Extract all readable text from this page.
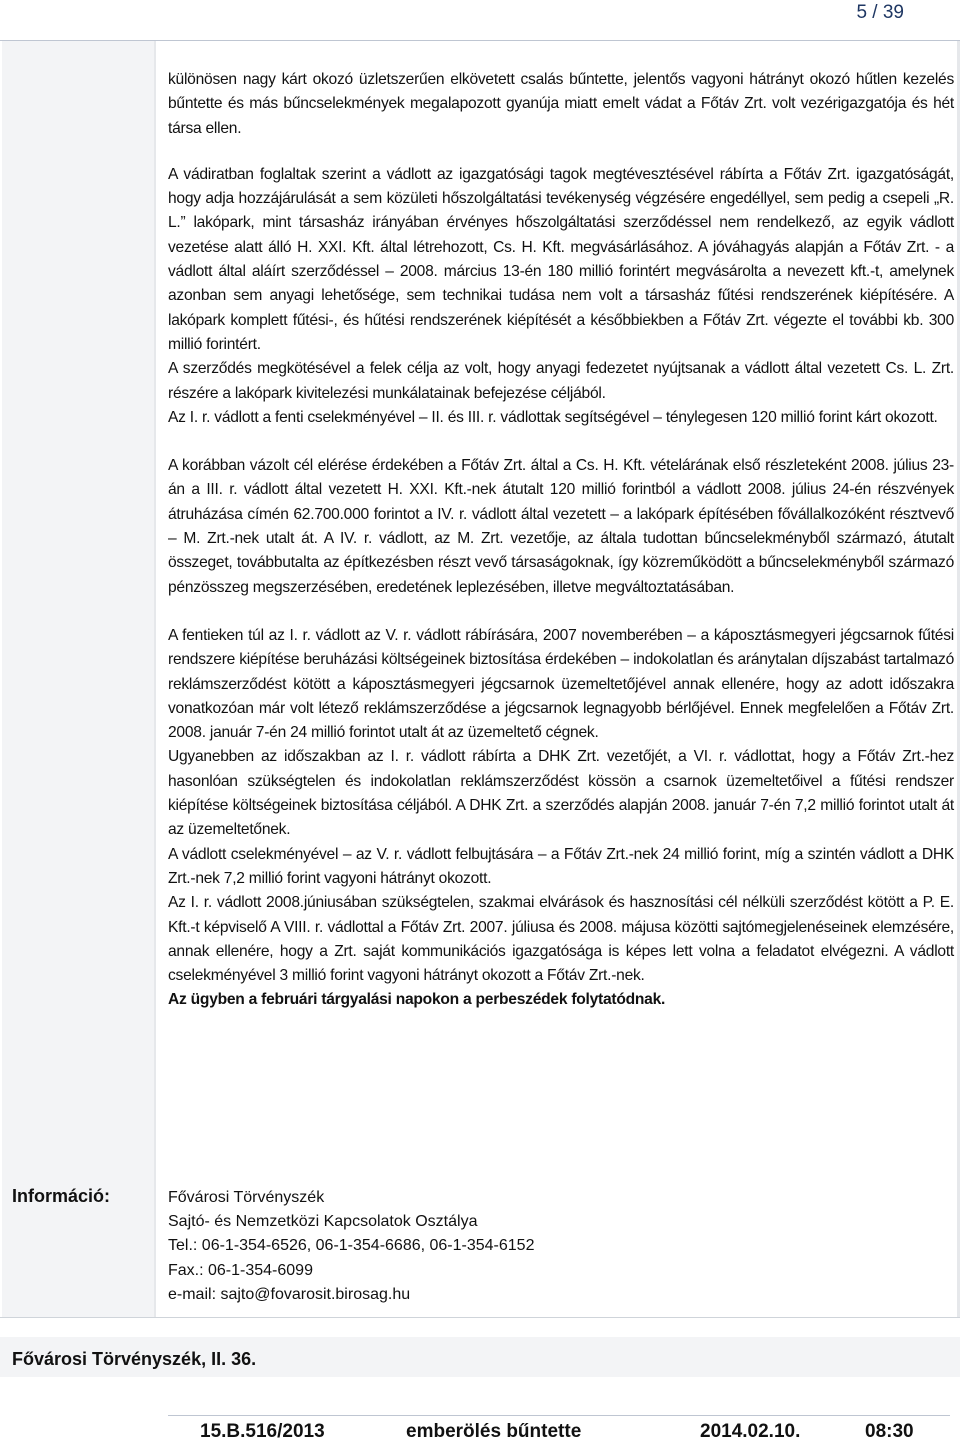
5 / 39

különösen nagy kárt okozó üzletszerűen elkövetett csalás bűntette, jelentős vagyoni hátrányt okozó hűtlen kezelés bűntette és más bűncselekmények megalapozott gyanúja miatt emelt vádat a Főtáv Zrt. volt vezérigazgatója és hét társa ellen.

A vádiratban foglaltak szerint a vádlott az igazgatósági tagok megtévesztésével rábírta a Főtáv Zrt. igazgatóságát, hogy adja hozzájárulását a sem közületi hőszolgáltatási tevékenység végzésére engedéllyel, sem pedig a csepeli „R. L.” lakópark, mint társasház irányában érvényes hőszolgáltatási szerződéssel nem rendelkező, az egyik vádlott vezetése alatt álló H. XXI. Kft. által létrehozott, Cs. H. Kft. megvásárlásához. A jóváhagyás alapján a Főtáv Zrt. - a vádlott által aláírt szerződéssel – 2008. március 13-én 180 millió forintért megvásárolta a nevezett kft.-t, amelynek azonban sem anyagi lehetősége, sem technikai tudása nem volt a társasház fűtési rendszerének kiépítésére. A lakópark komplett fűtési-, és hűtési rendszerének kiépítését a későbbiekben a Főtáv Zrt. végezte el további kb. 300 millió forintért.

A szerződés megkötésével a felek célja az volt, hogy anyagi fedezetet nyújtsanak a vádlott által vezetett Cs. L. Zrt. részére a lakópark kivitelezési munkálatainak befejezése céljából.

Az I. r. vádlott a fenti cselekményével – II. és III. r. vádlottak segítségével – ténylegesen 120 millió forint kárt okozott.

A korábban vázolt cél elérése érdekében a Főtáv Zrt. által a Cs. H. Kft. vételárának első részleteként 2008. július 23-án a III. r. vádlott által vezetett H. XXI. Kft.-nek átutalt 120 millió forintból a vádlott 2008. július 24-én részvények átruházása címén 62.700.000 forintot a IV. r. vádlott által vezetett – a lakópark építésében fővállalkozóként résztvevő – M. Zrt.-nek utalt át. A IV. r. vádlott, az M. Zrt. vezetője, az általa tudottan bűncselekményből származó, átutalt összeget, továbbutalta az építkezésben részt vevő társaságoknak, így közreműködött a bűncselekményből származó pénzösszeg megszerzésében, eredetének leplezésében, illetve megváltoztatásában.

A fentieken túl az I. r. vádlott az V. r. vádlott rábírására, 2007 novemberében – a káposztásmegyeri jégcsarnok fűtési rendszere kiépítése beruházási költségeinek biztosítása érdekében – indokolatlan és aránytalan díjszabást tartalmazó reklámszerződést kötött a káposztásmegyeri jégcsarnok üzemeltetőjével annak ellenére, hogy az adott időszakra vonatkozóan már volt létező reklámszerződése a jégcsarnok legnagyobb bérlőjével. Ennek megfelelően a Főtáv Zrt. 2008. január 7-én 24 millió forintot utalt át az üzemeltető cégnek.

Ugyanebben az időszakban az I. r. vádlott rábírta a DHK Zrt. vezetőjét, a VI. r. vádlottat, hogy a Főtáv Zrt.-hez hasonlóan szükségtelen és indokolatlan reklámszerződést kössön a csarnok üzemeltetőivel a fűtési rendszer kiépítése költségeinek biztosítása céljából. A DHK Zrt. a szerződés alapján 2008. január 7-én 7,2 millió forintot utalt át az üzemeltetőnek.

A vádlott cselekményével – az V. r. vádlott felbujtására – a Főtáv Zrt.-nek 24 millió forint, míg a szintén vádlott a DHK Zrt.-nek 7,2 millió forint vagyoni hátrányt okozott.

Az I. r. vádlott 2008.júniusában szükségtelen, szakmai elvárások és hasznosítási cél nélküli szerződést kötött a P. E. Kft.-t képviselő A VIII. r. vádlottal a Főtáv Zrt. 2007. júliusa és 2008. májusa közötti sajtómegjelenéseinek elemzésére, annak ellenére, hogy a Zrt. saját kommunikációs igazgatósága is képes lett volna a feladatot elvégezni. A vádlott cselekményével 3 millió forint vagyoni hátrányt okozott a Főtáv Zrt.-nek.

Az ügyben a februári tárgyalási napokon a perbeszédek folytatódnak.

Információ:	Fővárosi Törvényszék
Sajtó- és Nemzetközi Kapcsolatok Osztálya
Tel.: 06-1-354-6526, 06-1-354-6686, 06-1-354-6152
Fax.: 06-1-354-6099
e-mail: sajto@fovarosit.birosag.hu
Fővárosi Törvényszék, II. 36.
15.B.516/2013	emberölés bűntette	2014.02.10.	08:30
